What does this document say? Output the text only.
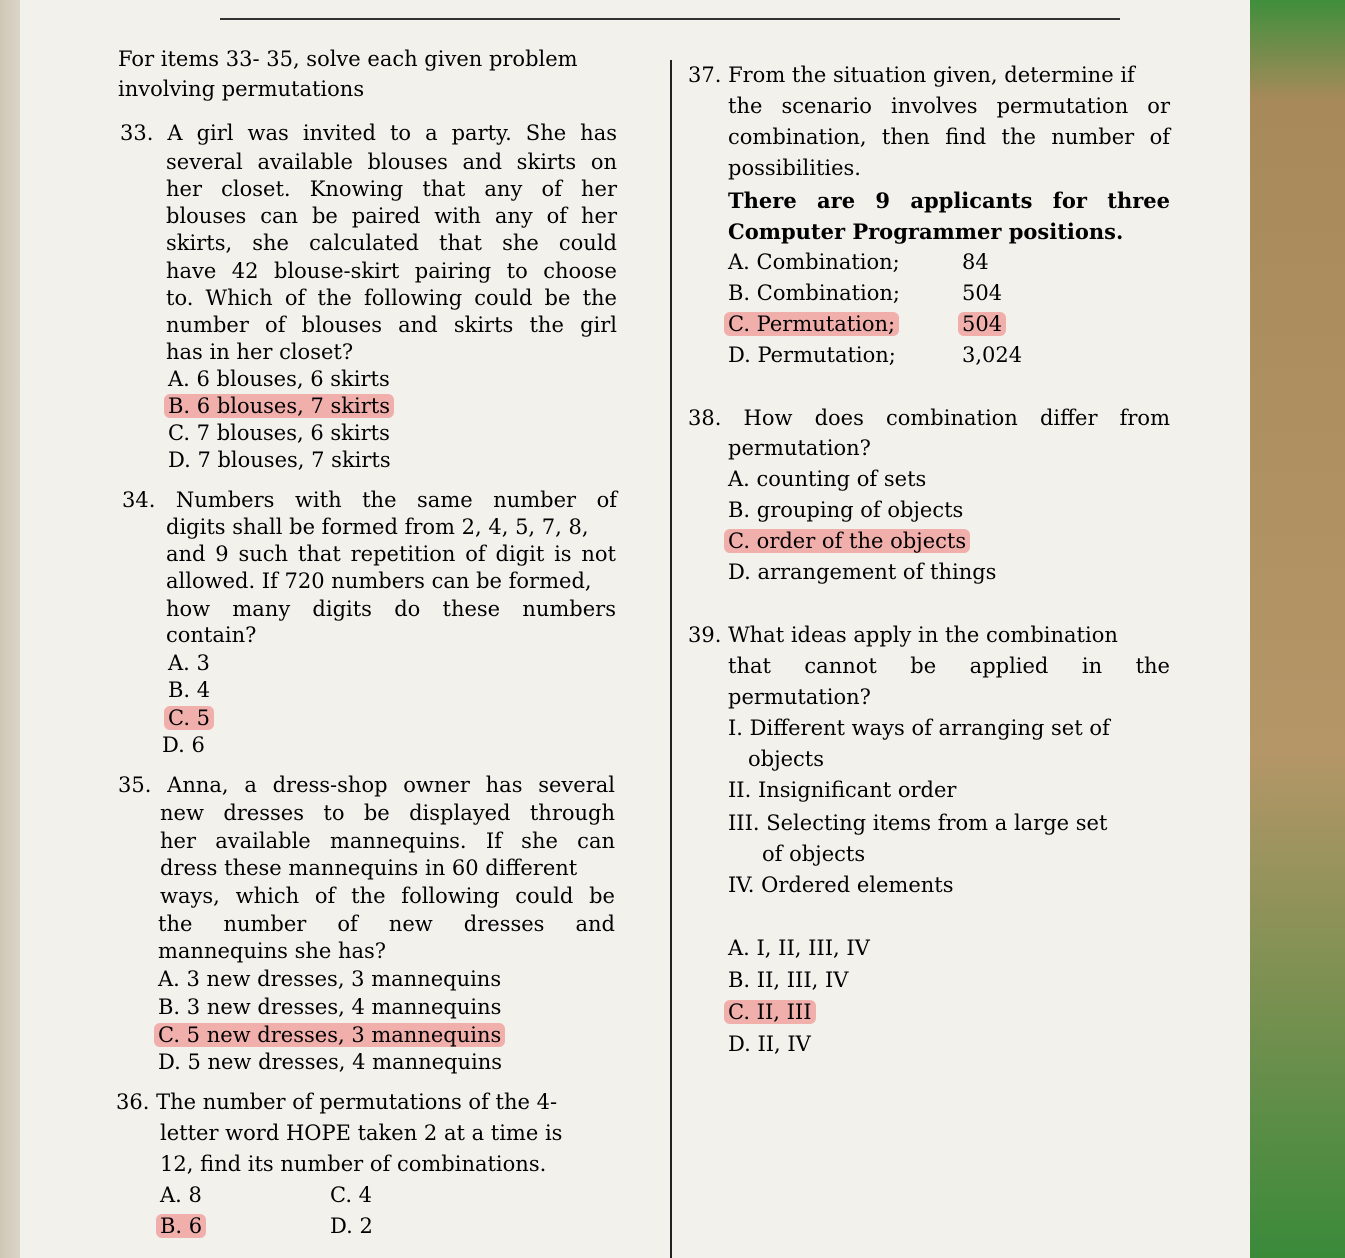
For items 33- 35, solve each given problem
involving permutations
33. A girl was invited to a party. She has
several available blouses and skirts on
her closet. Knowing that any of her
blouses can be paired with any of her
skirts, she calculated that she could
have 42 blouse-skirt pairing to choose
to. Which of the following could be the
number of blouses and skirts the girl
has in her closet?
A. 6 blouses, 6 skirts
B. 6 blouses, 7 skirts
C. 7 blouses, 6 skirts
D. 7 blouses, 7 skirts
34. Numbers with the same number of
digits shall be formed from 2, 4, 5, 7, 8,
and 9 such that repetition of digit is not
allowed. If 720 numbers can be formed,
how many digits do these numbers
contain?
A. 3
B. 4
C. 5
D. 6
35. Anna, a dress-shop owner has several
new dresses to be displayed through
her available mannequins. If she can
dress these mannequins in 60 different
ways, which of the following could be
the number of new dresses and
mannequins she has?
A. 3 new dresses, 3 mannequins
B. 3 new dresses, 4 mannequins
C. 5 new dresses, 3 mannequins
D. 5 new dresses, 4 mannequins
36. The number of permutations of the 4-
letter word HOPE taken 2 at a time is
12, find its number of combinations.
A. 8	C. 4
B. 6	D. 2
37. From the situation given, determine if
the scenario involves permutation or
combination, then find the number of
possibilities.
There are 9 applicants for three
Computer Programmer positions.
A. Combination;	84
B. Combination;	504
C. Permutation;	504
D. Permutation;	3,024
38. How does combination differ from
permutation?
A. counting of sets
B. grouping of objects
C. order of the objects
D. arrangement of things
39. What ideas apply in the combination
that cannot be applied in the
permutation?
I. Different ways of arranging set of
objects
II. Insignificant order
III. Selecting items from a large set
of objects
IV. Ordered elements
A. I, II, III, IV
B. II, III, IV
C. II, III
D. II, IV
